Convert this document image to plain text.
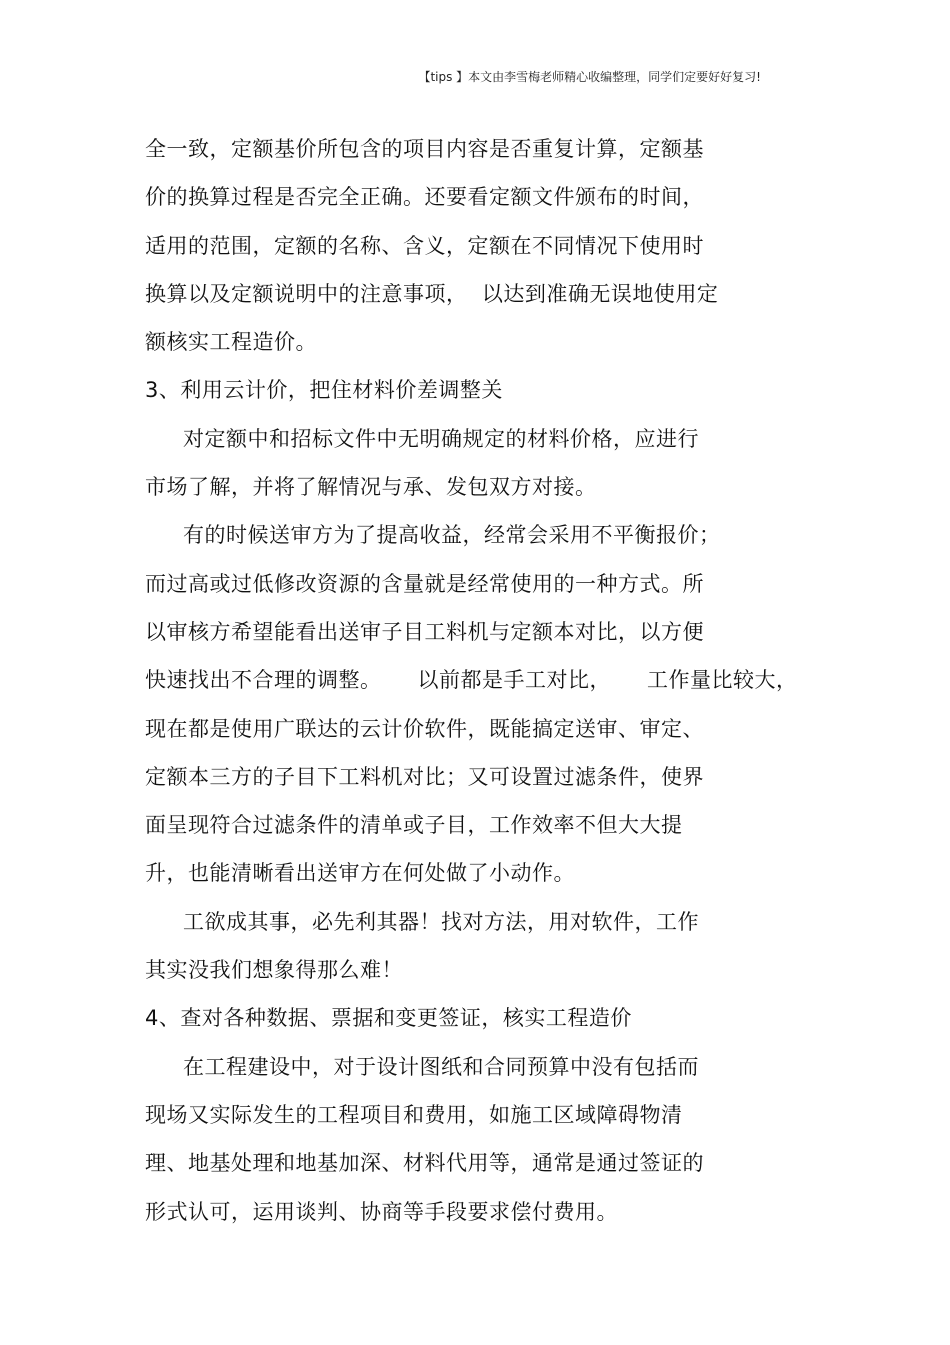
【tips 】本文由李雪梅老师精心收编整理，同学们定要好好复习!
全一致，定额基价所包含的项目内容是否重复计算，定额基
价的换算过程是否完全正确。还要看定额文件颁布的时间，
适用的范围，定额的名称、含义，定额在不同情况下使用时
换算以及定额说明中的注意事项，  以达到准确无误地使用定
额核实工程造价。
3、利用云计价，把住材料价差调整关
对定额中和招标文件中无明确规定的材料价格，应进行
市场了解，并将了解情况与承、发包双方对接。
有的时候送审方为了提高收益，经常会采用不平衡报价；
而过高或过低修改资源的含量就是经常使用的一种方式。所
以审核方希望能看出送审子目工料机与定额本对比，以方便
快速找出不合理的调整。 以前都是手工对比， 工作量比较大，
现在都是使用广联达的云计价软件，既能搞定送审、审定、
定额本三方的子目下工料机对比；又可设置过滤条件，使界
面呈现符合过滤条件的清单或子目，工作效率不但大大提
升，也能清晰看出送审方在何处做了小动作。
工欲成其事，必先利其器！找对方法，用对软件，工作
其实没我们想象得那么难！
4、查对各种数据、票据和变更签证，核实工程造价
在工程建设中，对于设计图纸和合同预算中没有包括而
现场又实际发生的工程项目和费用，如施工区域障碍物清
理、地基处理和地基加深、材料代用等，通常是通过签证的
形式认可，运用谈判、协商等手段要求偿付费用。
